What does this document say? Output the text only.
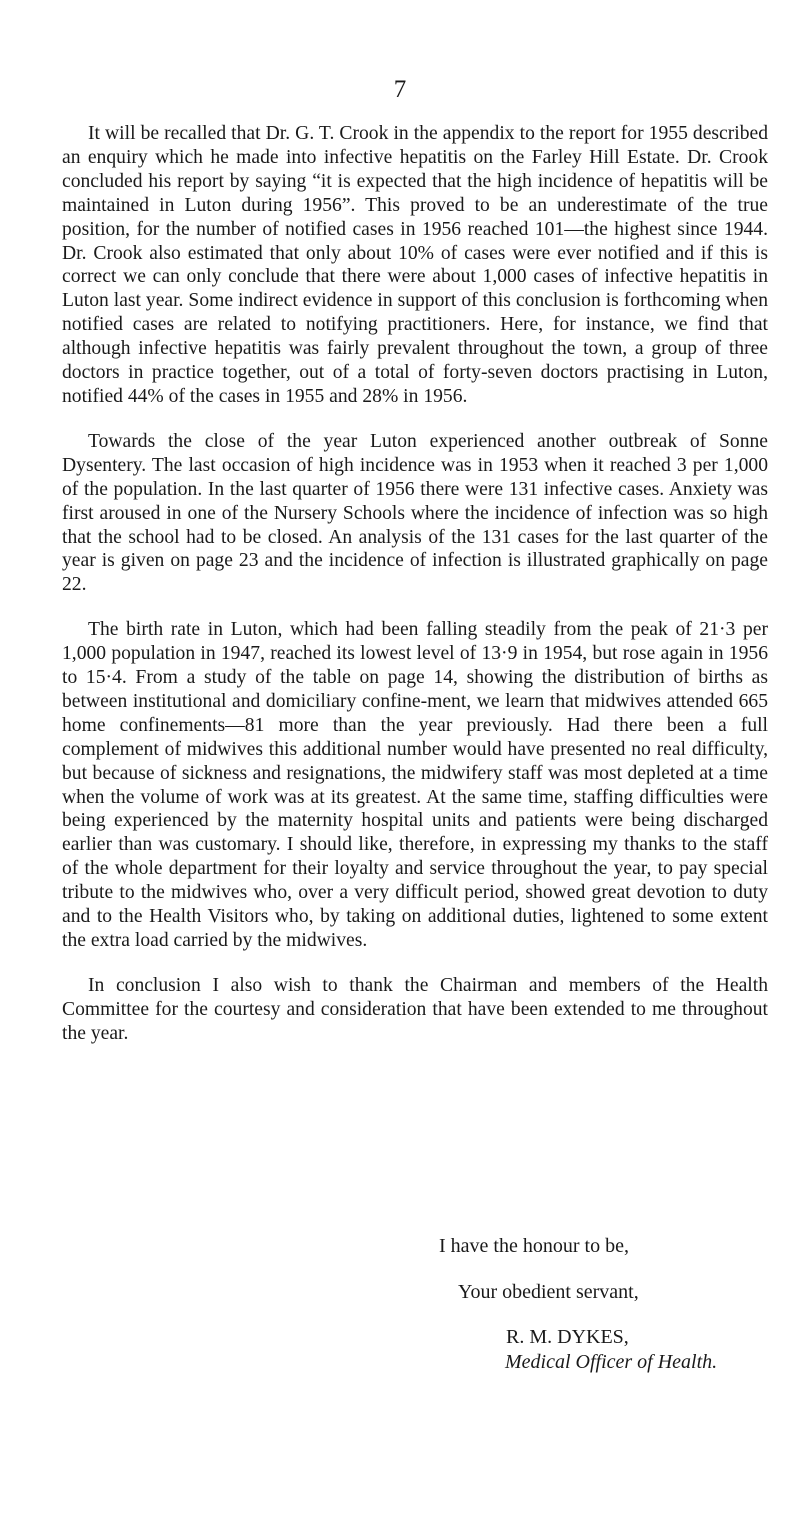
7

It will be recalled that Dr. G. T. Crook in the appendix to the report for 1955 described an enquiry which he made into infective hepatitis on the Farley Hill Estate. Dr. Crook concluded his report by saying “it is expected that the high incidence of hepatitis will be maintained in Luton during 1956”. This proved to be an underestimate of the true position, for the number of notified cases in 1956 reached 101—the highest since 1944. Dr. Crook also estimated that only about 10% of cases were ever notified and if this is correct we can only conclude that there were about 1,000 cases of infective hepatitis in Luton last year. Some indirect evidence in support of this conclusion is forthcoming when notified cases are related to notifying practitioners. Here, for instance, we find that although infective hepatitis was fairly prevalent throughout the town, a group of three doctors in practice together, out of a total of forty-seven doctors practising in Luton, notified 44% of the cases in 1955 and 28% in 1956.

Towards the close of the year Luton experienced another outbreak of Sonne Dysentery. The last occasion of high incidence was in 1953 when it reached 3 per 1,000 of the population. In the last quarter of 1956 there were 131 infective cases. Anxiety was first aroused in one of the Nursery Schools where the incidence of infection was so high that the school had to be closed. An analysis of the 131 cases for the last quarter of the year is given on page 23 and the incidence of infection is illustrated graphically on page 22.

The birth rate in Luton, which had been falling steadily from the peak of 21·3 per 1,000 population in 1947, reached its lowest level of 13·9 in 1954, but rose again in 1956 to 15·4. From a study of the table on page 14, showing the distribution of births as between institutional and domiciliary confine-ment, we learn that midwives attended 665 home confinements—81 more than the year previously. Had there been a full complement of midwives this additional number would have presented no real difficulty, but because of sickness and resignations, the midwifery staff was most depleted at a time when the volume of work was at its greatest. At the same time, staffing difficulties were being experienced by the maternity hospital units and patients were being discharged earlier than was customary. I should like, therefore, in expressing my thanks to the staff of the whole department for their loyalty and service throughout the year, to pay special tribute to the midwives who, over a very difficult period, showed great devotion to duty and to the Health Visitors who, by taking on additional duties, lightened to some extent the extra load carried by the midwives.

In conclusion I also wish to thank the Chairman and members of the Health Committee for the courtesy and consideration that have been extended to me throughout the year.

I have the honour to be,
Your obedient servant,
R. M. DYKES,
Medical Officer of Health.
